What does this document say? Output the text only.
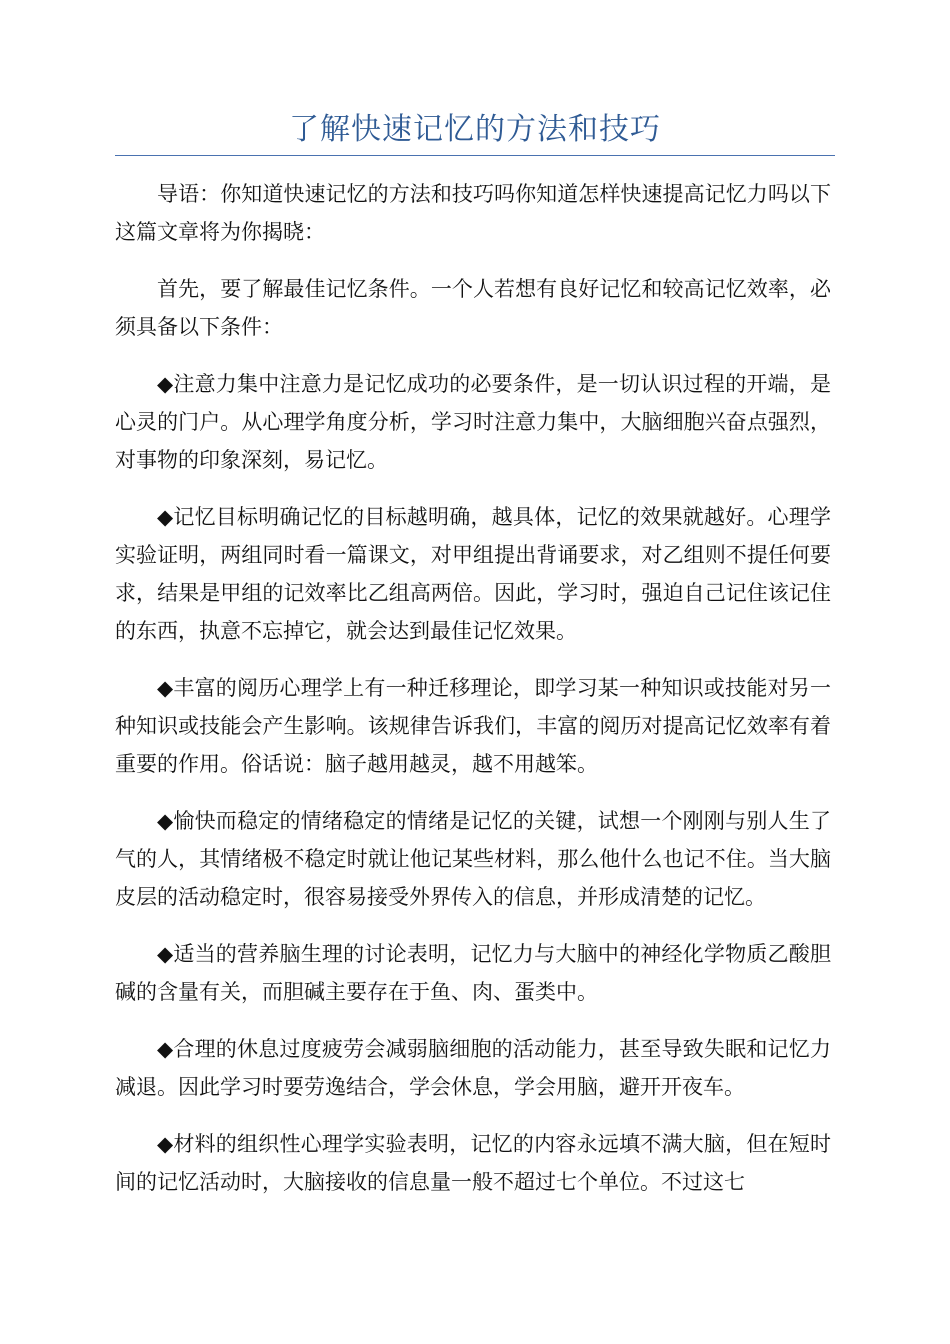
了解快速记忆的方法和技巧

导语：你知道快速记忆的方法和技巧吗你知道怎样快速提高记忆力吗以下这篇文章将为你揭晓：

首先，要了解最佳记忆条件。一个人若想有良好记忆和较高记忆效率，必须具备以下条件：

◆注意力集中注意力是记忆成功的必要条件，是一切认识过程的开端，是心灵的门户。从心理学角度分析，学习时注意力集中，大脑细胞兴奋点强烈，对事物的印象深刻，易记忆。

◆记忆目标明确记忆的目标越明确，越具体，记忆的效果就越好。心理学实验证明，两组同时看一篇课文，对甲组提出背诵要求，对乙组则不提任何要求，结果是甲组的记效率比乙组高两倍。因此，学习时，强迫自己记住该记住的东西，执意不忘掉它，就会达到最佳记忆效果。

◆丰富的阅历心理学上有一种迁移理论，即学习某一种知识或技能对另一种知识或技能会产生影响。该规律告诉我们，丰富的阅历对提高记忆效率有着重要的作用。俗话说：脑子越用越灵，越不用越笨。

◆愉快而稳定的情绪稳定的情绪是记忆的关键，试想一个刚刚与别人生了气的人，其情绪极不稳定时就让他记某些材料，那么他什么也记不住。当大脑皮层的活动稳定时，很容易接受外界传入的信息，并形成清楚的记忆。

◆适当的营养脑生理的讨论表明，记忆力与大脑中的神经化学物质乙酸胆碱的含量有关，而胆碱主要存在于鱼、肉、蛋类中。

◆合理的休息过度疲劳会减弱脑细胞的活动能力，甚至导致失眠和记忆力减退。因此学习时要劳逸结合，学会休息，学会用脑，避开开夜车。

◆材料的组织性心理学实验表明，记忆的内容永远填不满大脑，但在短时间的记忆活动时，大脑接收的信息量一般不超过七个单位。不过这七
